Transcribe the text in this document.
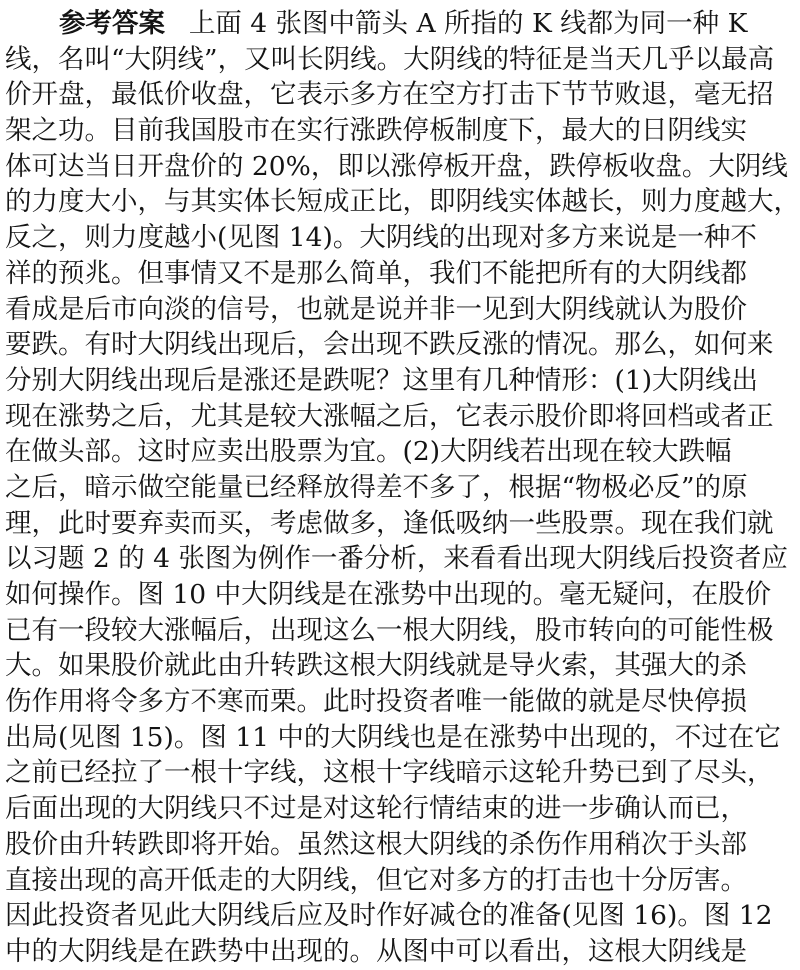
参考答案 上面 4 张图中箭头 A 所指的 K 线都为同一种 K
线，名叫“大阴线”，又叫长阴线。大阴线的特征是当天几乎以最高
价开盘，最低价收盘，它表示多方在空方打击下节节败退，毫无招
架之功。目前我国股市在实行涨跌停板制度下，最大的日阴线实
体可达当日开盘价的 20%，即以涨停板开盘，跌停板收盘。大阴线
的力度大小，与其实体长短成正比，即阴线实体越长，则力度越大，
反之，则力度越小(见图 14)。大阴线的出现对多方来说是一种不
祥的预兆。但事情又不是那么简单，我们不能把所有的大阴线都
看成是后市向淡的信号，也就是说并非一见到大阴线就认为股价
要跌。有时大阴线出现后，会出现不跌反涨的情况。那么，如何来
分别大阴线出现后是涨还是跌呢？这里有几种情形：(1)大阴线出
现在涨势之后，尤其是较大涨幅之后，它表示股价即将回档或者正
在做头部。这时应卖出股票为宜。(2)大阴线若出现在较大跌幅
之后，暗示做空能量已经释放得差不多了，根据“物极必反”的原
理，此时要弃卖而买，考虑做多，逢低吸纳一些股票。现在我们就
以习题 2 的 4 张图为例作一番分析，来看看出现大阴线后投资者应
如何操作。图 10 中大阴线是在涨势中出现的。毫无疑问，在股价
已有一段较大涨幅后，出现这么一根大阴线，股市转向的可能性极
大。如果股价就此由升转跌这根大阴线就是导火索，其强大的杀
伤作用将令多方不寒而栗。此时投资者唯一能做的就是尽快停损
出局(见图 15)。图 11 中的大阴线也是在涨势中出现的，不过在它
之前已经拉了一根十字线，这根十字线暗示这轮升势已到了尽头，
后面出现的大阴线只不过是对这轮行情结束的进一步确认而已，
股价由升转跌即将开始。虽然这根大阴线的杀伤作用稍次于头部
直接出现的高开低走的大阴线，但它对多方的打击也十分厉害。
因此投资者见此大阴线后应及时作好减仓的准备(见图 16)。图 12
中的大阴线是在跌势中出现的。从图中可以看出，这根大阴线是
